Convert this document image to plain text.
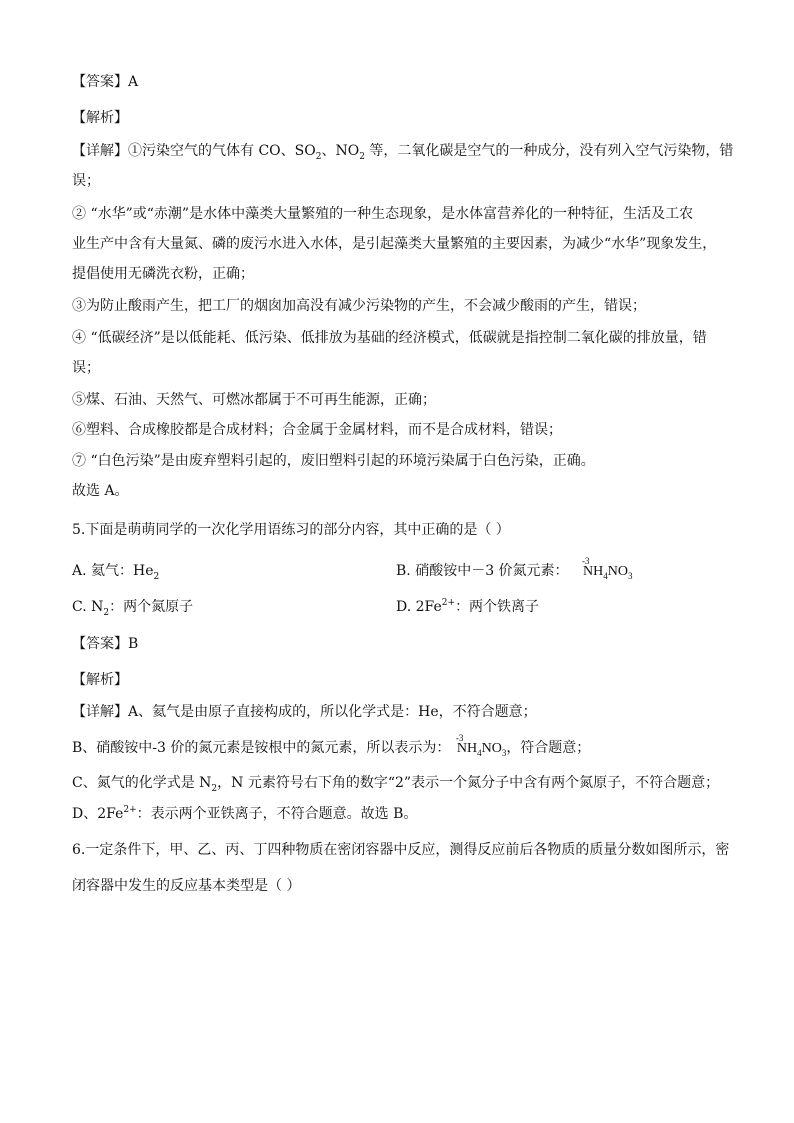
【答案】A
【解析】
【详解】①污染空气的气体有 CO、$SO_2$、$NO_2$ 等，二氧化碳是空气的一种成分，没有列入空气污染物，错
误；
② “水华”或“赤潮”是水体中藻类大量繁殖的一种生态现象，是水体富营养化的一种特征，生活及工农
业生产中含有大量氮、磷的废污水进入水体，是引起藻类大量繁殖的主要因素，为减少“水华”现象发生，
提倡使用无磷洗衣粉，正确；
③为防止酸雨产生，把工厂的烟囱加高没有减少污染物的产生，不会减少酸雨的产生，错误；
④ “低碳经济”是以低能耗、低污染、低排放为基础的经济模式，低碳就是指控制二氧化碳的排放量，错
误；
⑤煤、石油、天然气、可燃冰都属于不可再生能源，正确；
⑥塑料、合成橡胶都是合成材料；合金属于金属材料，而不是合成材料，错误；
⑦ “白色污染”是由废弃塑料引起的，废旧塑料引起的环境污染属于白色污染，正确。
故选 A。
5.下面是萌萌同学的一次化学用语练习的部分内容，其中正确的是（ ）
A. 氦气：$He_2$	B. 硝酸铵中－3 价氮元素：
-3
$NH_4NO_3$
C. $N_2$：两个氮原子	D. $2Fe^{2+}$：两个铁离子
【答案】B
【解析】
【详解】A、氦气是由原子直接构成的，所以化学式是：He，不符合题意；
B、硝酸铵中-3 价的氮元素是铵根中的氮元素，所以表示为：
-3
$NH_4NO_3$，符合题意；
C、氮气的化学式是 $N_2$，N 元素符号右下角的数字“2”表示一个氮分子中含有两个氮原子，不符合题意；
D、$2Fe^{2+}$：表示两个亚铁离子，不符合题意。故选 B。
6.一定条件下，甲、乙、丙、丁四种物质在密闭容器中反应，测得反应前后各物质的质量分数如图所示，密
闭容器中发生的反应基本类型是（ ）
